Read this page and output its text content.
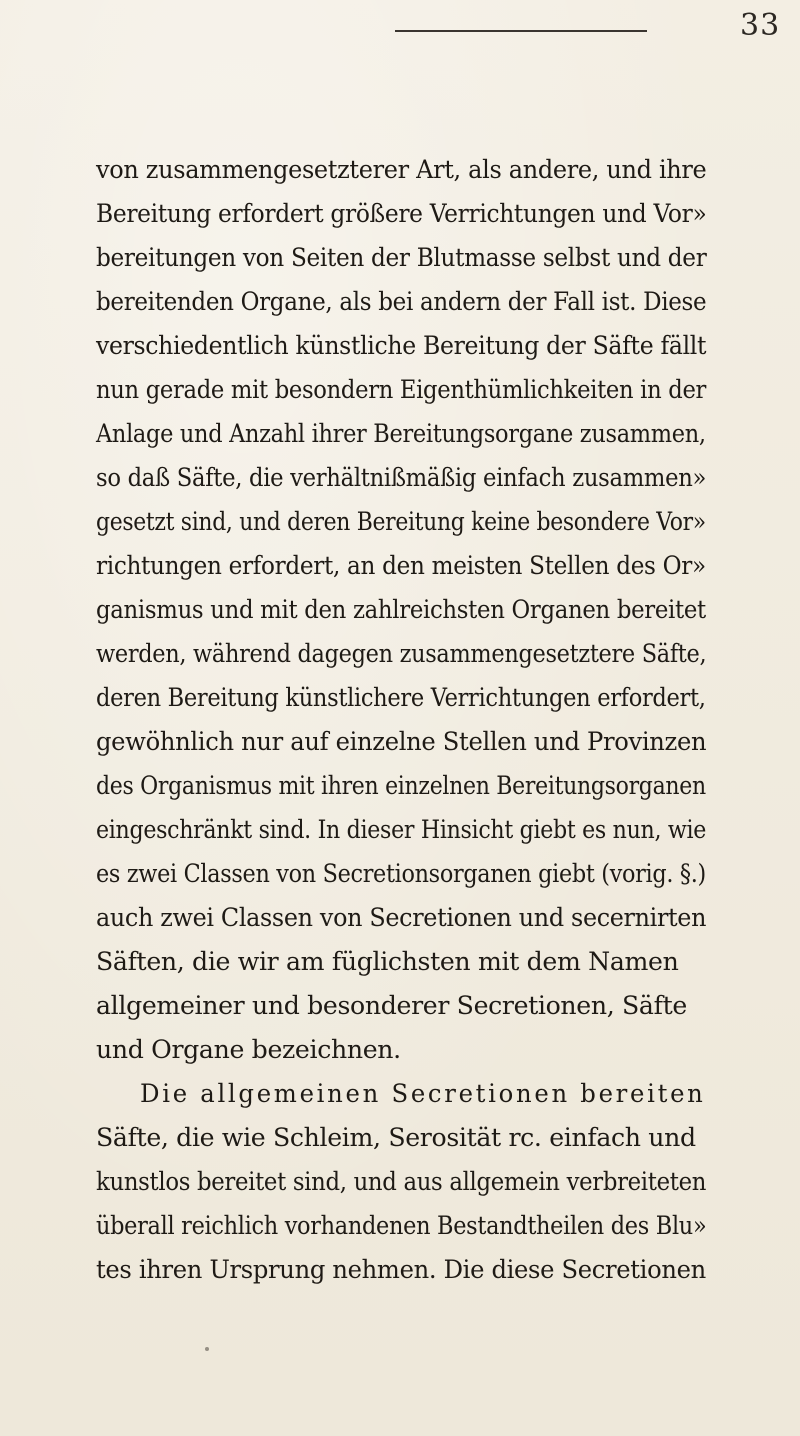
33
von zusammengesetzterer Art, als andere, und ihre
Bereitung erfordert größere Verrichtungen und Vor»
bereitungen von Seiten der Blutmasse selbst und der
bereitenden Organe, als bei andern der Fall ist. Diese
verschiedentlich künstliche Bereitung der Säfte fällt
nun gerade mit besondern Eigenthümlichkeiten in der
Anlage und Anzahl ihrer Bereitungsorgane zusammen,
so daß Säfte, die verhältnißmäßig einfach zusammen»
gesetzt sind, und deren Bereitung keine besondere Vor»
richtungen erfordert, an den meisten Stellen des Or»
ganismus und mit den zahlreichsten Organen bereitet
werden, während dagegen zusammengesetztere Säfte,
deren Bereitung künstlichere Verrichtungen erfordert,
gewöhnlich nur auf einzelne Stellen und Provinzen
des Organismus mit ihren einzelnen Bereitungsorganen
eingeschränkt sind. In dieser Hinsicht giebt es nun, wie
es zwei Classen von Secretionsorganen giebt (vorig. §.)
auch zwei Classen von Secretionen und secernirten
Säften, die wir am füglichsten mit dem Namen
allgemeiner und besonderer Secretionen, Säfte
und Organe bezeichnen.
Die allgemeinen Secretionen bereiten
Säfte, die wie Schleim, Serosität rc. einfach und
kunstlos bereitet sind, und aus allgemein verbreiteten
überall reichlich vorhandenen Bestandtheilen des Blu»
tes ihren Ursprung nehmen. Die diese Secretionen
